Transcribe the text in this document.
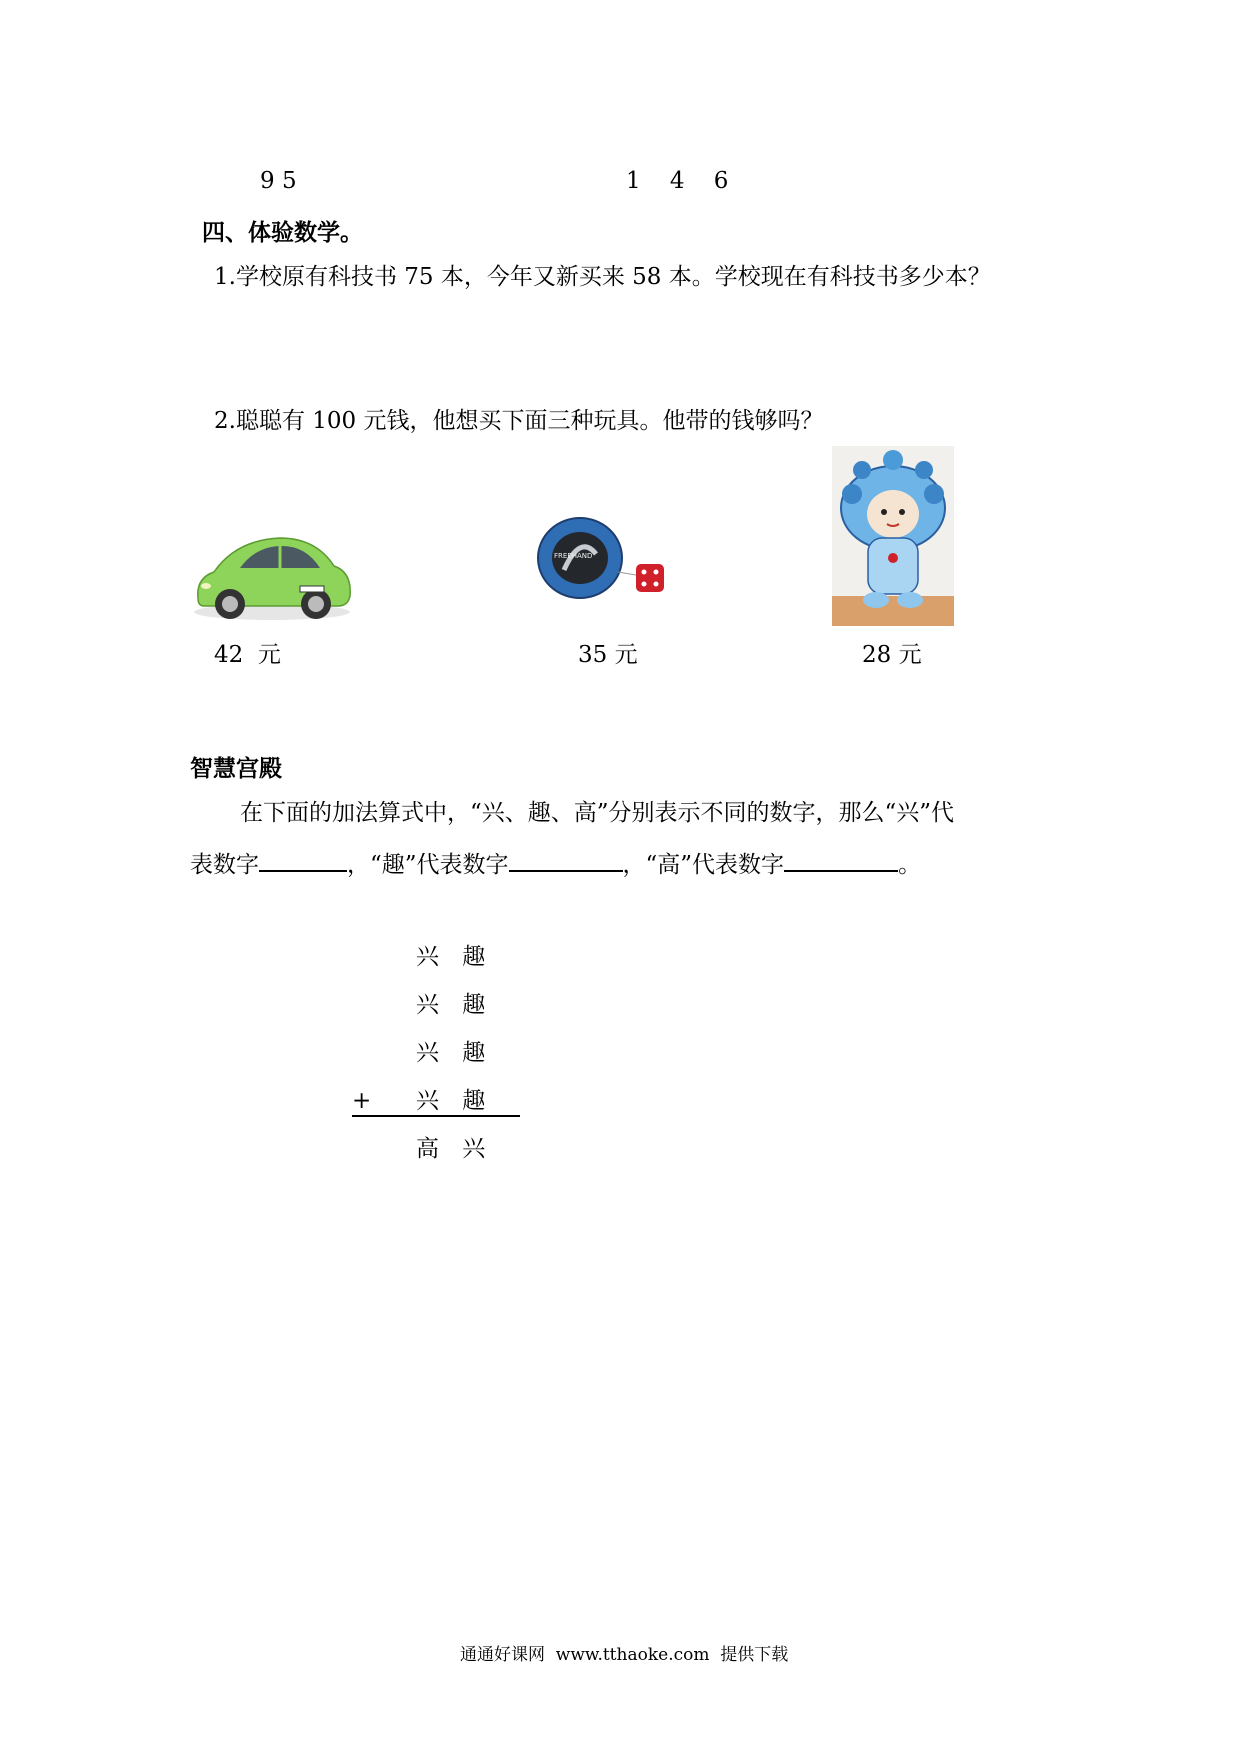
9 5	1    4    6
四、体验数学。
1.学校原有科技书 75 本，今年又新买来 58 本。学校现在有科技书多少本？
2.聪聪有 100 元钱，他想买下面三种玩具。他带的钱够吗？
FREEHAND
42  元	35 元	28 元
智慧宫殿
在下面的加法算式中，“兴、趣、高”分别表示不同的数字，那么“兴”代
表数字	，“趣”代表数字	，“高”代表数字	。
兴 趣
兴 趣
兴 趣
+ 兴 趣
高 兴
通通好课网  www.tthaoke.com  提供下载
